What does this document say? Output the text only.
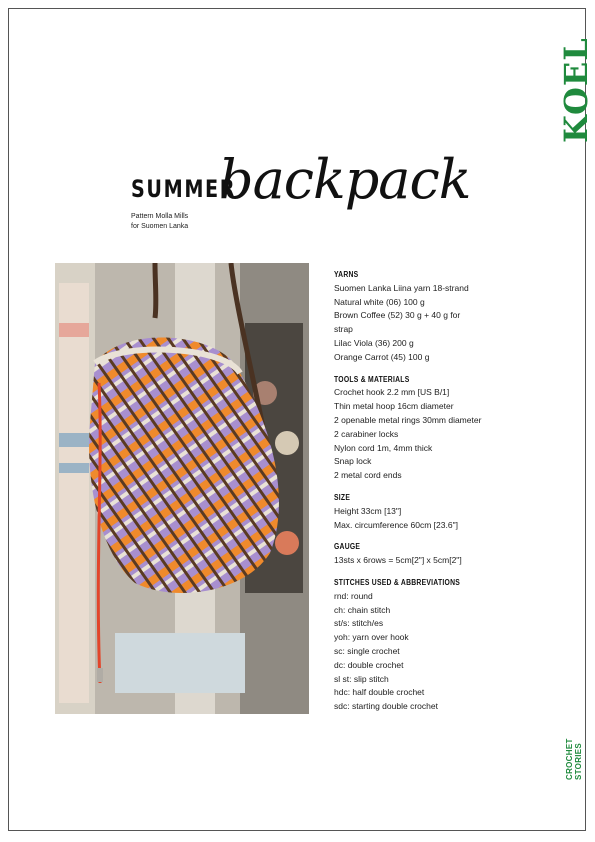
KOEL
CROCHET STORIES
SUMMER
backpack
Pattern Molla Mills
for Suomen Lanka
YARNS
Suomen Lanka Liina yarn 18-strand
Natural white (06) 100 g
Brown Coffee (52) 30 g + 40 g for
strap
Lilac Viola (36) 200 g
Orange Carrot (45) 100 g
TOOLS & MATERIALS
Crochet hook 2.2 mm [US B/1]
Thin metal hoop 16cm diameter
2 openable metal rings 30mm diameter
2 carabiner locks
Nylon cord 1m, 4mm thick
Snap lock
2 metal cord ends
SIZE
Height 33cm [13"]
Max. circumference 60cm [23.6"]
GAUGE
13sts x 6rows = 5cm[2"] x 5cm[2"]
STITCHES USED & ABBREVIATIONS
rnd: round
ch: chain stitch
st/s: stitch/es
yoh: yarn over hook
sc: single crochet
dc: double crochet
sl st: slip stitch
hdc: half double crochet
sdc: starting double crochet
